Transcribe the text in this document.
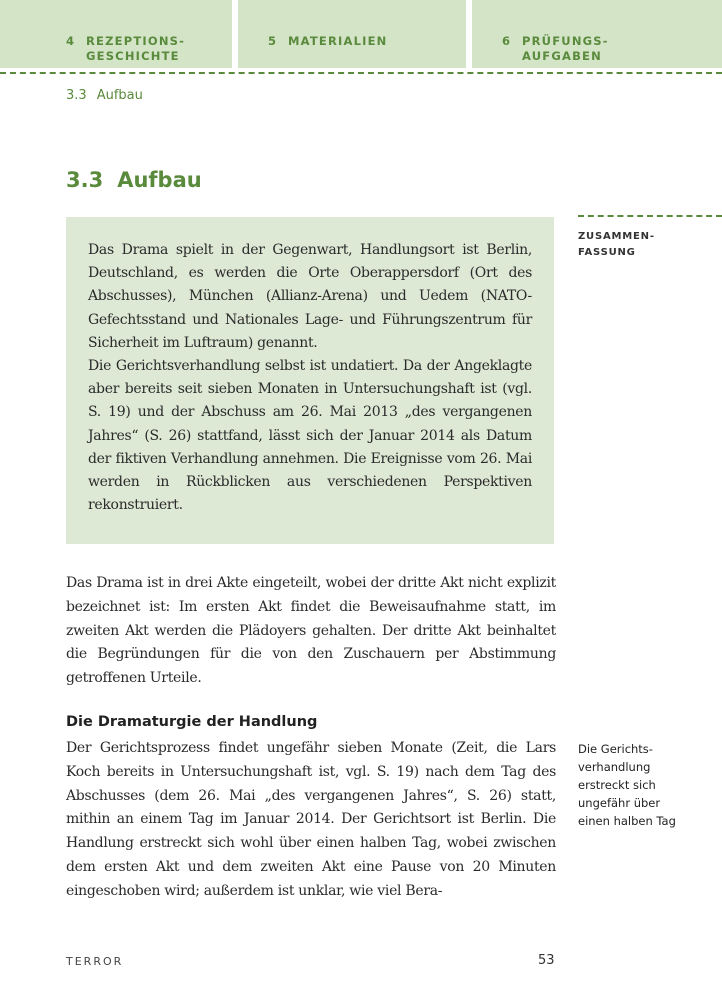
4 REZEPTIONS-
GESCHICHTE
5 MATERIALIEN	6 PRÜFUNGS-
AUFGABEN
3.3 Aufbau
3.3 Aufbau

Das Drama spielt in der Gegenwart, Handlungsort ist Berlin, Deutschland, es werden die Orte Oberappersdorf (Ort des Abschusses), München (Allianz-Arena) und Uedem (NATO-Gefechtsstand und Nationales Lage- und Führungszentrum für Sicherheit im Luftraum) genannt.

Die Gerichtsverhandlung selbst ist undatiert. Da der Angeklagte aber bereits seit sieben Monaten in Untersuchungshaft ist (vgl. S. 19) und der Abschuss am 26. Mai 2013 „des vergangenen Jahres“ (S. 26) stattfand, lässt sich der Januar 2014 als Datum der fiktiven Verhandlung annehmen. Die Ereignisse vom 26. Mai werden in Rückblicken aus verschiedenen Perspektiven rekonstruiert.

ZUSAMMEN-
FASSUNG

Das Drama ist in drei Akte eingeteilt, wobei der dritte Akt nicht explizit bezeichnet ist: Im ersten Akt findet die Beweisaufnahme statt, im zweiten Akt werden die Plädoyers gehalten. Der dritte Akt beinhaltet die Begründungen für die von den Zuschauern per Abstimmung getroffenen Urteile.

Die Dramaturgie der Handlung

Der Gerichtsprozess findet ungefähr sieben Monate (Zeit, die Lars Koch bereits in Untersuchungshaft ist, vgl. S. 19) nach dem Tag des Abschusses (dem 26. Mai „des vergangenen Jahres“, S. 26) statt, mithin an einem Tag im Januar 2014. Der Gerichtsort ist Berlin. Die Handlung erstreckt sich wohl über einen halben Tag, wobei zwischen dem ersten Akt und dem zweiten Akt eine Pause von 20 Minuten eingeschoben wird; außerdem ist unklar, wie viel Bera-

Die Gerichts-
verhandlung
erstreckt sich
ungefähr über
einen halben Tag
TERROR	53
